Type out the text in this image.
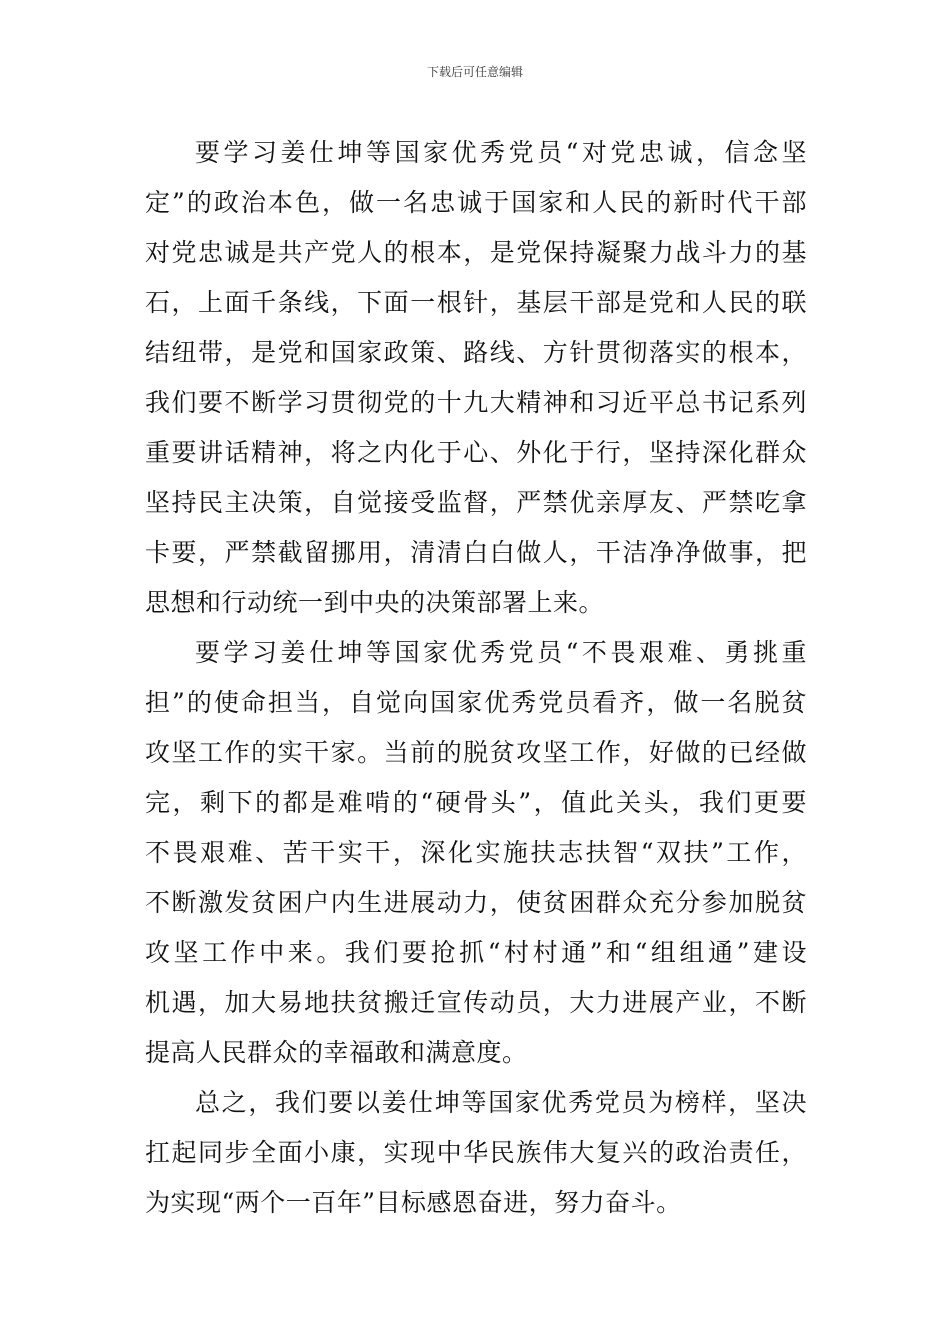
下载后可任意编辑
要学习姜仕坤等国家优秀党员“对党忠诚，信念坚
定”的政治本色，做一名忠诚于国家和人民的新时代干部
对党忠诚是共产党人的根本，是党保持凝聚力战斗力的基
石，上面千条线，下面一根针，基层干部是党和人民的联
结纽带，是党和国家政策、路线、方针贯彻落实的根本，
我们要不断学习贯彻党的十九大精神和习近平总书记系列
重要讲话精神，将之内化于心、外化于行，坚持深化群众
坚持民主决策，自觉接受监督，严禁优亲厚友、严禁吃拿
卡要，严禁截留挪用，清清白白做人，干洁净净做事，把
思想和行动统一到中央的决策部署上来。
要学习姜仕坤等国家优秀党员“不畏艰难、勇挑重
担”的使命担当，自觉向国家优秀党员看齐，做一名脱贫
攻坚工作的实干家。当前的脱贫攻坚工作，好做的已经做
完，剩下的都是难啃的“硬骨头”，值此关头，我们更要
不畏艰难、苦干实干，深化实施扶志扶智“双扶”工作，
不断激发贫困户内生进展动力，使贫困群众充分参加脱贫
攻坚工作中来。我们要抢抓“村村通”和“组组通”建设
机遇，加大易地扶贫搬迁宣传动员，大力进展产业，不断
提高人民群众的幸福敢和满意度。
总之，我们要以姜仕坤等国家优秀党员为榜样，坚决
扛起同步全面小康，实现中华民族伟大复兴的政治责任，
为实现“两个一百年”目标感恩奋进，努力奋斗。
